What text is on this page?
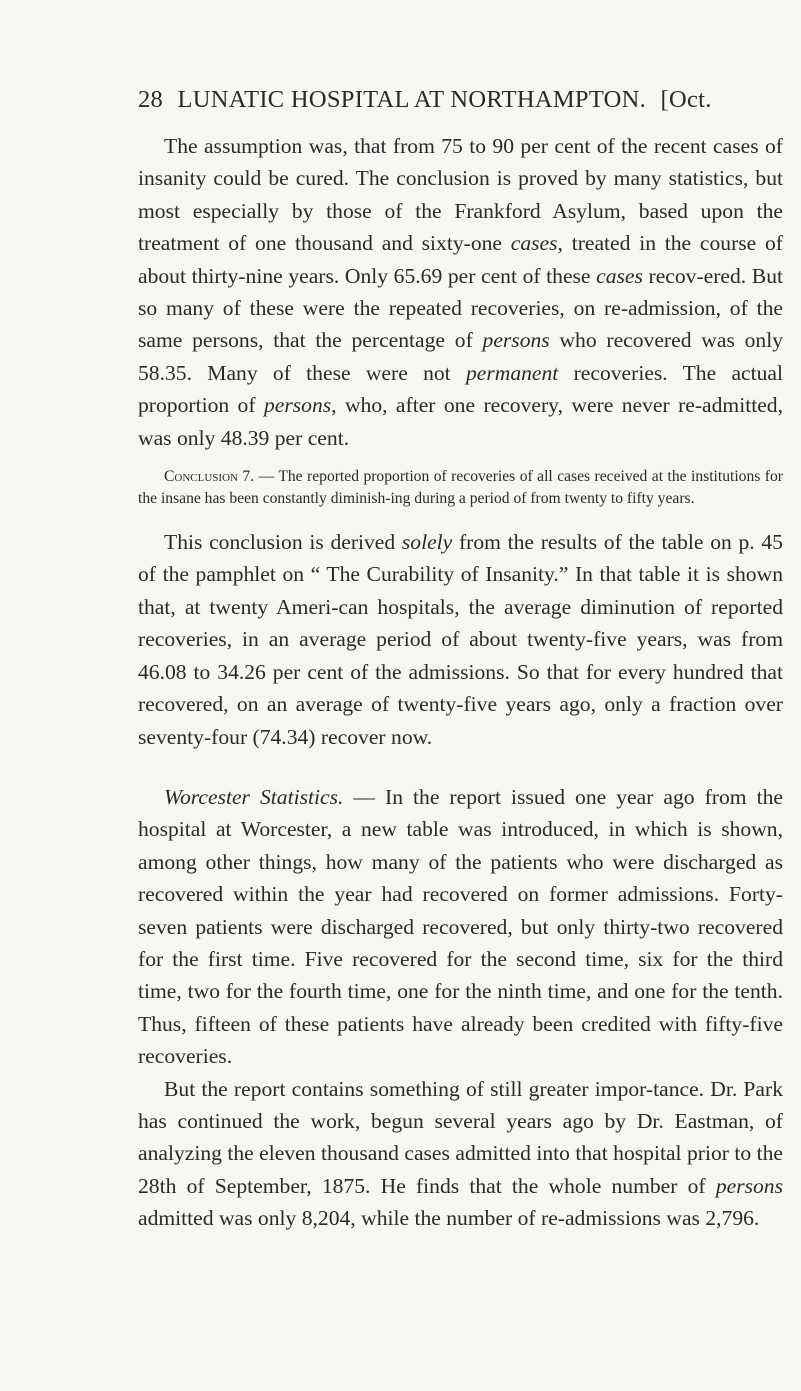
28 LUNATIC HOSPITAL AT NORTHAMPTON. [Oct.

The assumption was, that from 75 to 90 per cent of the recent cases of insanity could be cured. The conclusion is proved by many statistics, but most especially by those of the Frankford Asylum, based upon the treatment of one thousand and sixty-one cases, treated in the course of about thirty-nine years. Only 65.69 per cent of these cases recov-ered. But so many of these were the repeated recoveries, on re-admission, of the same persons, that the percentage of persons who recovered was only 58.35. Many of these were not permanent recoveries. The actual proportion of persons, who, after one recovery, were never re-admitted, was only 48.39 per cent.

Conclusion 7. — The reported proportion of recoveries of all cases received at the institutions for the insane has been constantly diminish-ing during a period of from twenty to fifty years.

This conclusion is derived solely from the results of the table on p. 45 of the pamphlet on “ The Curability of Insanity.” In that table it is shown that, at twenty Ameri-can hospitals, the average diminution of reported recoveries, in an average period of about twenty-five years, was from 46.08 to 34.26 per cent of the admissions. So that for every hundred that recovered, on an average of twenty-five years ago, only a fraction over seventy-four (74.34) recover now.

Worcester Statistics. — In the report issued one year ago from the hospital at Worcester, a new table was introduced, in which is shown, among other things, how many of the patients who were discharged as recovered within the year had recovered on former admissions. Forty-seven patients were discharged recovered, but only thirty-two recovered for the first time. Five recovered for the second time, six for the third time, two for the fourth time, one for the ninth time, and one for the tenth. Thus, fifteen of these patients have already been credited with fifty-five recoveries.

But the report contains something of still greater impor-tance. Dr. Park has continued the work, begun several years ago by Dr. Eastman, of analyzing the eleven thousand cases admitted into that hospital prior to the 28th of September, 1875. He finds that the whole number of persons admitted was only 8,204, while the number of re-admissions was 2,796.
